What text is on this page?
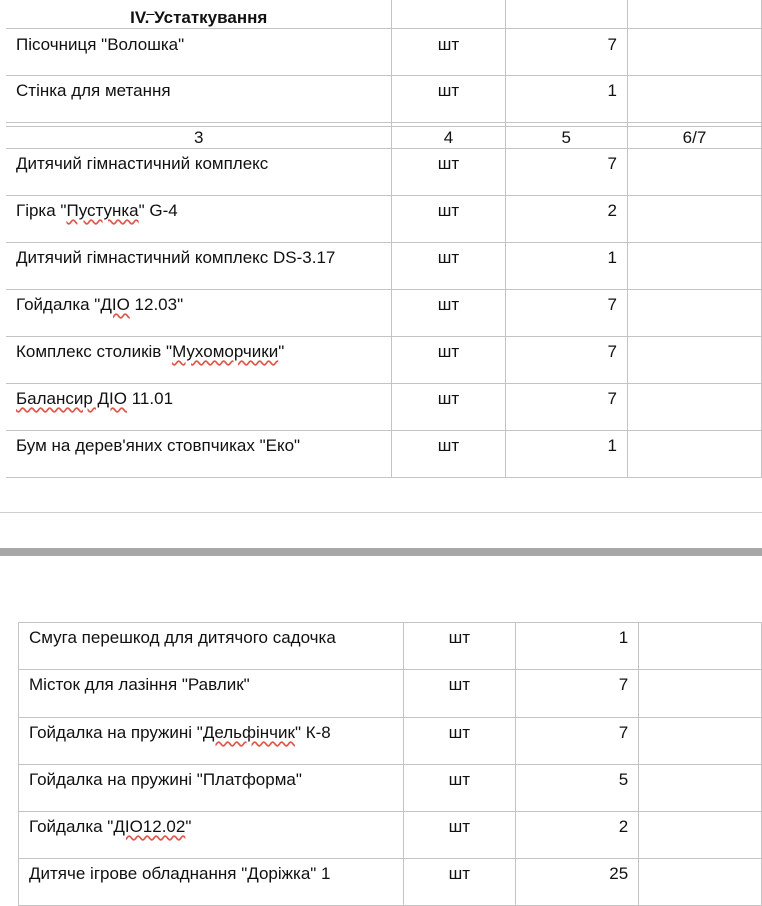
IV. Устаткування			

Пісочниця "Волошка"	шт	7	

Стінка для метання	шт	1	

3	4	5	6/7

Дитячий гімнастичний комплекс	шт	7	

Гірка "Пустунка" G-4	шт	2	

Дитячий гімнастичний комплекс DS-3.17	шт	1	

Гойдалка "ДІО 12.03"	шт	7	

Комплекс столиків "Мухоморчики"	шт	7	

Балансир ДІО 11.01	шт	7	

Бум на дерев'яних стовпчиках "Еко"	шт	1	

Смуга перешкод для дитячого садочка	шт	1	

Місток для лазіння "Равлик"	шт	7	

Гойдалка на пружині "Дельфінчик" К-8	шт	7	

Гойдалка на пружині "Платформа"	шт	5	

Гойдалка "ДІО12.02"	шт	2	

Дитяче ігрове обладнання "Доріжка" 1	шт	25	
